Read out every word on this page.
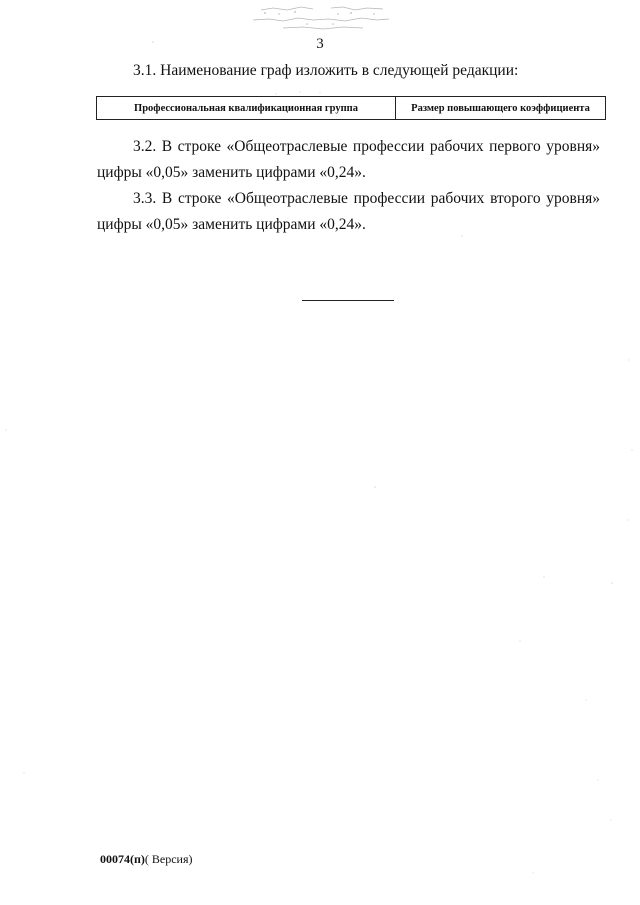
3
3.1. Наименование граф изложить в следующей редакции:
Профессиональная квалификационная группа	Размер повышающего коэффициента
3.2. В строке «Общеотраслевые профессии рабочих первого уровня»
цифры «0,05» заменить цифрами «0,24».
3.3. В строке «Общеотраслевые профессии рабочих второго уровня»
цифры «0,05» заменить цифрами «0,24».
00074(п)( Версия)
